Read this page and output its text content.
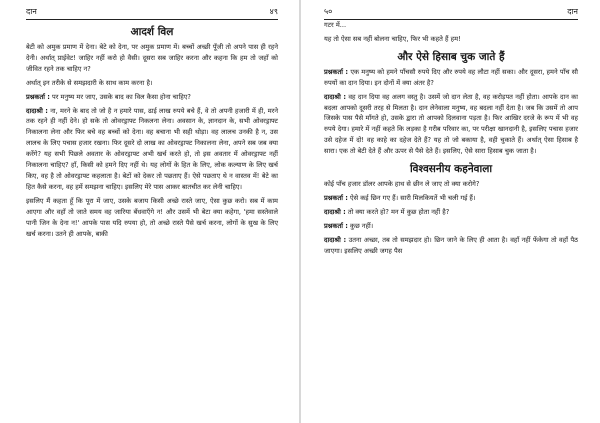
दान	४९
आदर्श विल

बेटी को अमुक प्रमाण में देना। बेटे को देना, पर अमुक प्रमाण में। बच्चों अच्छी पूँजी तो अपने पास ही रहने देनी। अर्थात् प्राईवेट! जाहिर नहीं करो हो वैसी। दूसरा सब जाहिर करना और कहना कि हम तो जहाँ को जीवित रहने तक चाहिए न?

अर्थात् इन तरीके से समझदारी के साथ काम करना है।

प्रश्नकर्ता : पर मनुष्य मर जाए, उसके बाद का विल कैसा होना चाहिए?

दादाश्री : ना, मरने के बाद तो जो है न हमारे पास, ढाई लाख रुपये बचे हैं, वे तो अपनी हजारी में ही, मरने तक रहने ही नहीं देने। हो सके तो ओवरड्राफ्ट निकलना लेना। अवसान के, ज्ञानदान के, सभी ओवरड्राफ्ट निकालना लेना और फिर बचे वह बच्चों को देना। वह बचाना भी सही थोड़ा। वह लालच उनकी है न, उस लालच के लिए पचास हजार रखना। फिर दूसरे दो लाख का ओवरड्राफ्ट निकालना लेना, अपने सब जब क्या करेंगे? यह सभी पिछले अवतार के ओवरड्राफ्ट अभी खर्च करते हो, तो इस अवतार में ओवरड्राफ्ट नहीं निकालना चाहिए? हाँ, किसी को हमने दिए नहीं थे। यह लोगों के हित के लिए, लोक कल्याण के लिए खर्च किए, वह है तो ओवरड्राफ्ट कहलाता है। बेटों को देकर तो पछताए हैं। ऐसे पछताए थे न वास्तव में! बेटे का हित कैसे करना, वह हमें समझना चाहिए। इसलिए मेरे पास आकर बातचीत कर लेनी चाहिए।

इसलिए मैं कहता हूँ कि पूरा में जाए, उसके बजाय किसी अच्छे रास्ते जाए, ऐसा कुछ करो। सब में काम आएगा और वहाँ तो जाते समय वह जारिया बँधवाएँगे न! और उसमें भी बेटा क्या कहेगा, 'हमा सस्तेवाले पानी जिन के देना न!' आपके पास यदि रुपया हो, तो अच्छे रास्ते पैसे खर्च करना, लोगों के सुख के लिए खर्च करना। उतने ही आपके, बाकी

५०	दान

गटर में...

यह तो ऐसा सब नहीं बोलना चाहिए, फिर भी कहते हैं हम!

और ऐसे हिसाब चुक जाते हैं

प्रश्नकर्ता : एक मनुष्य को हमने पाँचसौ रुपये दिए और रुपये वह लौटा नहीं सका। और दूसरा, हमने पाँच सौ रुपयों का दान दिया। इन दोनों में क्या अंतर है?

दादाश्री : वह दान दिया वह अलग वस्तु है। उसमें जो दान लेता है, वह करोड़पत नहीं होता। आपके दान का बदला आपको दूसरी तरह से मिलता है। दान लेनेवाला मनुष्य, वह बदला नहीं देता है। जब कि उसमें तो आप जिसके पास पैसे माँगते हो, उसके द्वारा तो आपको दिलवाना पड़ता है। फिर आखिर दरजे के रूप में भी वह रुपये देगा। हमारे में नहीं कहते कि लड़का है गरीब परिवार का, पर परीक्षा खानदानी है, इसलिए पचास हजार उसे दहेज में दो! वह काहे का दहेज देते हैं? यह तो जो बकाया है, वही चुकाते हैं। अर्थात् ऐसा हिसाब है सारा। एक तो बेटी देते हैं और ऊपर से पैसे देते हैं। इसलिए, ऐसे सारा हिसाब चुक जाता है।

विश्वसनीय कहनेवाला

कोई पाँच हजार डॉलर आपके हाथ से छीन ले जाए तो क्या करोगे?

प्रश्नकर्ता : ऐसे कई छिन गए हैं। सारी मिलकियतें भी चली गई हैं।

दादाश्री : तो क्या करते हो? मन में कुछ होता नहीं है?

प्रश्नकर्ता : कुछ नहीं।

दादाश्री : उतना अच्छा, तब तो समझदार हो। छिन जाने के लिए ही आता है। वहाँ नहीं फेंकेगा तो वहाँ पैठ जाएगा। इसलिए अच्छी जगह पैस
